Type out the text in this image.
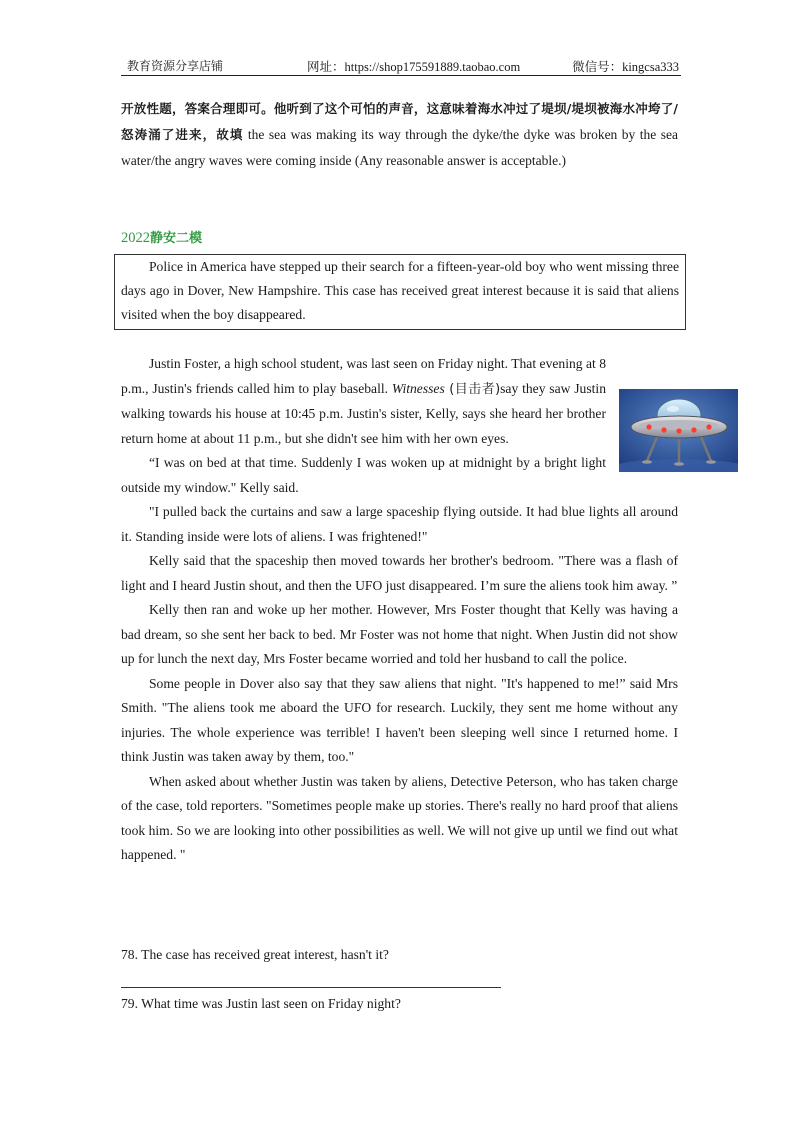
教育资源分享店铺	网址：https://shop175591889.taobao.com	微信号：kingcsa333
开放性题，答案合理即可。他听到了这个可怕的声音，这意味着海水冲过了堤坝/堤坝被海水冲垮了/怒涛涌了进来，故填 the sea was making its way through the dyke/the dyke was broken by the sea water/the angry waves were coming inside (Any reasonable answer is acceptable.)
2022静安二模
Police in America have stepped up their search for a fifteen-year-old boy who went missing three days ago in Dover, New Hampshire. This case has received great interest because it is said that aliens visited when the boy disappeared.

Justin Foster, a high school student, was last seen on Friday night. That evening at 8 p.m., Justin's friends called him to play baseball. Witnesses (目击者)say they saw Justin walking towards his house at 10:45 p.m. Justin's sister, Kelly, says she heard her brother return home at about 11 p.m., but she didn't see him with her own eyes.

“I was on bed at that time. Suddenly I was woken up at midnight by a bright light outside my window." Kelly said.

"I pulled back the curtains and saw a large spaceship flying outside. It had blue lights all around it. Standing inside were lots of aliens. I was frightened!"

Kelly said that the spaceship then moved towards her brother's bedroom. "There was a flash of light and I heard Justin shout, and then the UFO just disappeared. I’m sure the aliens took him away. ”

Kelly then ran and woke up her mother. However, Mrs Foster thought that Kelly was having a bad dream, so she sent her back to bed. Mr Foster was not home that night. When Justin did not show up for lunch the next day, Mrs Foster became worried and told her husband to call the police.

Some people in Dover also say that they saw aliens that night. "It's happened to me!” said Mrs Smith. "The aliens took me aboard the UFO for research. Luckily, they sent me home without any injuries. The whole experience was terrible! I haven't been sleeping well since I returned home. I think Justin was taken away by them, too."

When asked about whether Justin was taken by aliens, Detective Peterson, who has taken charge of the case, told reporters. "Sometimes people make up stories. There's really no hard proof that aliens took him. So we are looking into other possibilities as well. We will not give up until we find out what happened. "

78. The case has received great interest, hasn't it?
79. What time was Justin last seen on Friday night?
